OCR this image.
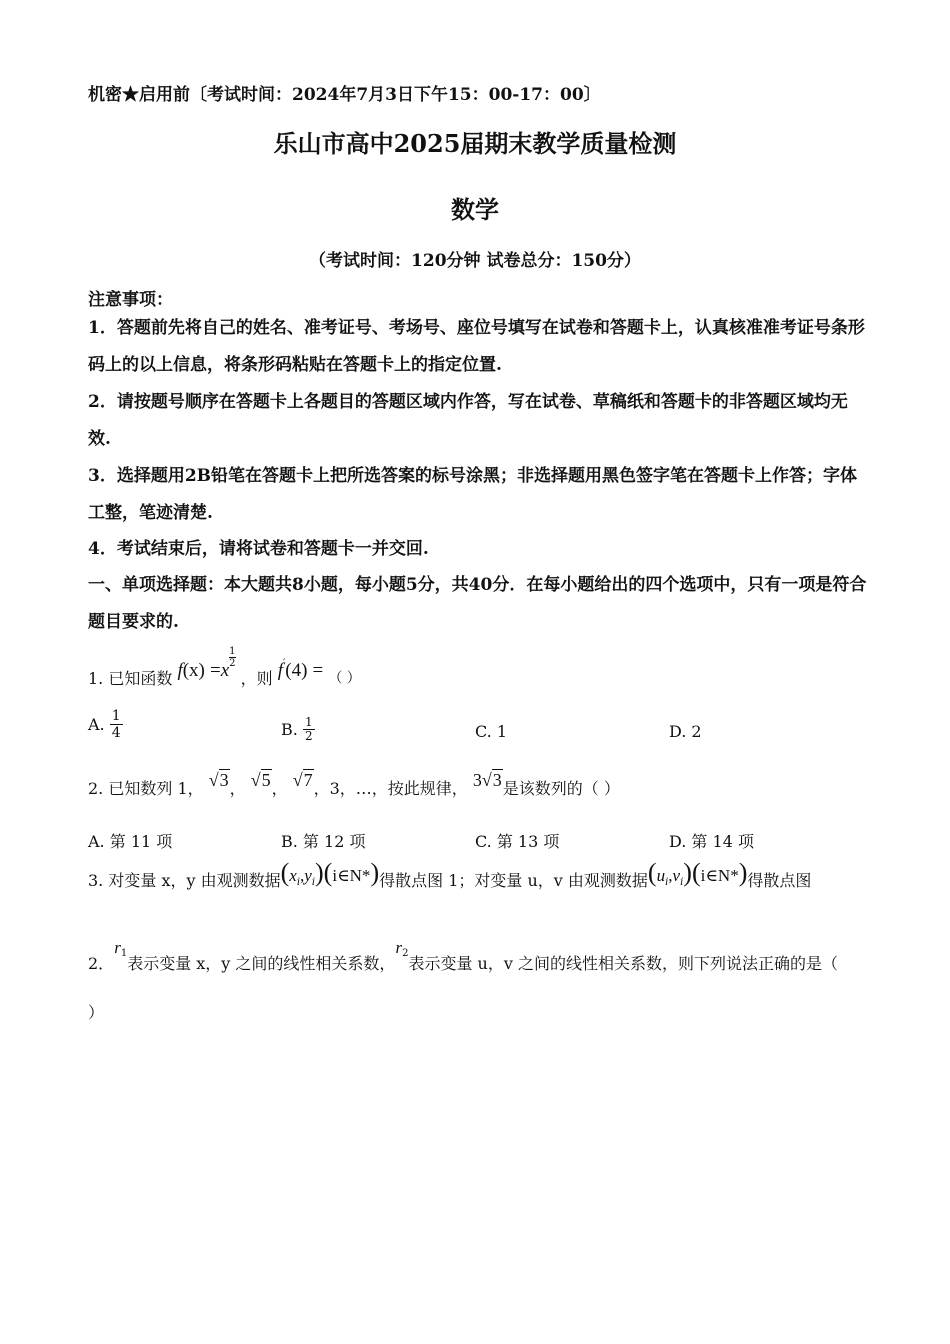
机密★启用前〔考试时间：2024年7月3日下午15：00-17：00〕
乐山市高中2025届期末教学质量检测
数学
（考试时间：120分钟 试卷总分：150分）
注意事项：
1．答题前先将自己的姓名、准考证号、考场号、座位号填写在试卷和答题卡上，认真核准准考证号条形码上的以上信息，将条形码粘贴在答题卡上的指定位置.
2．请按题号顺序在答题卡上各题目的答题区域内作答，写在试卷、草稿纸和答题卡的非答题区域均无效.
3．选择题用2B铅笔在答题卡上把所选答案的标号涂黑；非选择题用黑色签字笔在答题卡上作答；字体工整，笔迹清楚.
4．考试结束后，请将试卷和答题卡一并交回.
一、单项选择题：本大题共8小题，每小题5分，共40分．在每小题给出的四个选项中，只有一项是符合题目要求的.
1. 已知函数 f(x) =x
$\frac{1}{2}$
，则 f′(4) = （ ）
A. $\frac{1}{4}$	B. $\frac{1}{2}$	C. 1	D. 2
2. 已知数列 1， √3， √5， √7，3，…，按此规律， 3√3是该数列的（ ）
A. 第 11 项	B. 第 12 项	C. 第 13 项	D. 第 14 项
3. 对变量 x，y 由观测数据$(x_i,y_i)(i\in N*)$得散点图 1；对变量 u，v 由观测数据$(u_i,v_i)(i\in N*)$得散点图
2．r1表示变量 x，y 之间的线性相关系数，r2表示变量 u，v 之间的线性相关系数，则下列说法正确的是（
）
